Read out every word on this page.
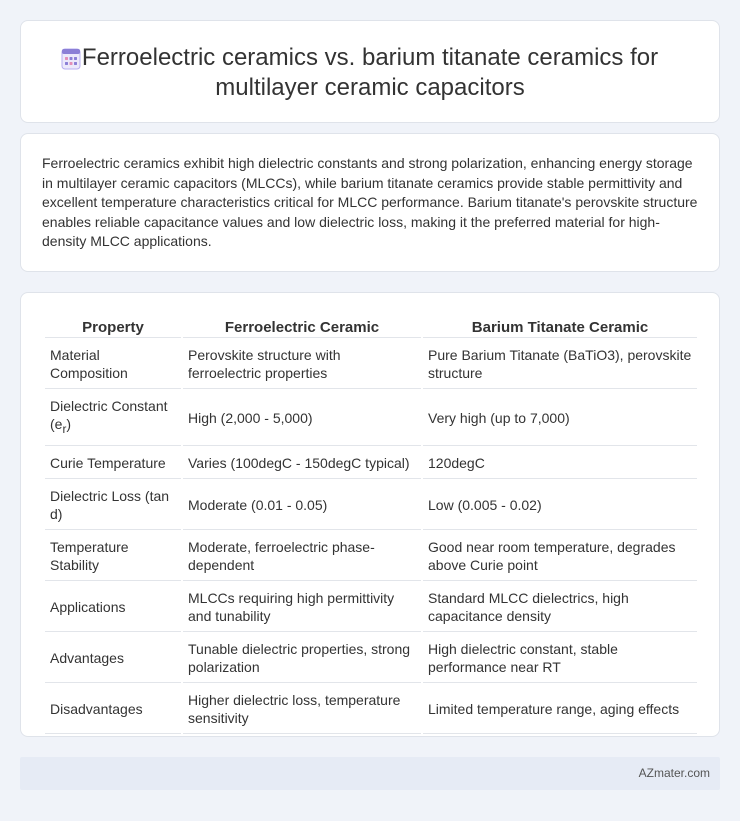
Ferroelectric ceramics vs. barium titanate ceramics for
multilayer ceramic capacitors

Ferroelectric ceramics exhibit high dielectric constants and strong polarization, enhancing energy storage in multilayer ceramic capacitors (MLCCs), while barium titanate ceramics provide stable permittivity and excellent temperature characteristics critical for MLCC performance. Barium titanate's perovskite structure enables reliable capacitance values and low dielectric loss, making it the preferred material for high-density MLCC applications.

Property	Ferroelectric Ceramic	Barium Titanate Ceramic
Material Composition	Perovskite structure with ferroelectric properties	Pure Barium Titanate (BaTiO3), perovskite structure
Dielectric Constant $(e_r)$	High (2,000 - 5,000)	Very high (up to 7,000)
Curie Temperature	Varies (100degC - 150degC typical)	120degC
Dielectric Loss (tan d)	Moderate (0.01 - 0.05)	Low (0.005 - 0.02)
Temperature Stability	Moderate, ferroelectric phase-dependent	Good near room temperature, degrades above Curie point
Applications	MLCCs requiring high permittivity and tunability	Standard MLCC dielectrics, high capacitance density
Advantages	Tunable dielectric properties, strong polarization	High dielectric constant, stable performance near RT
Disadvantages	Higher dielectric loss, temperature sensitivity	Limited temperature range, aging effects
AZmater.com
